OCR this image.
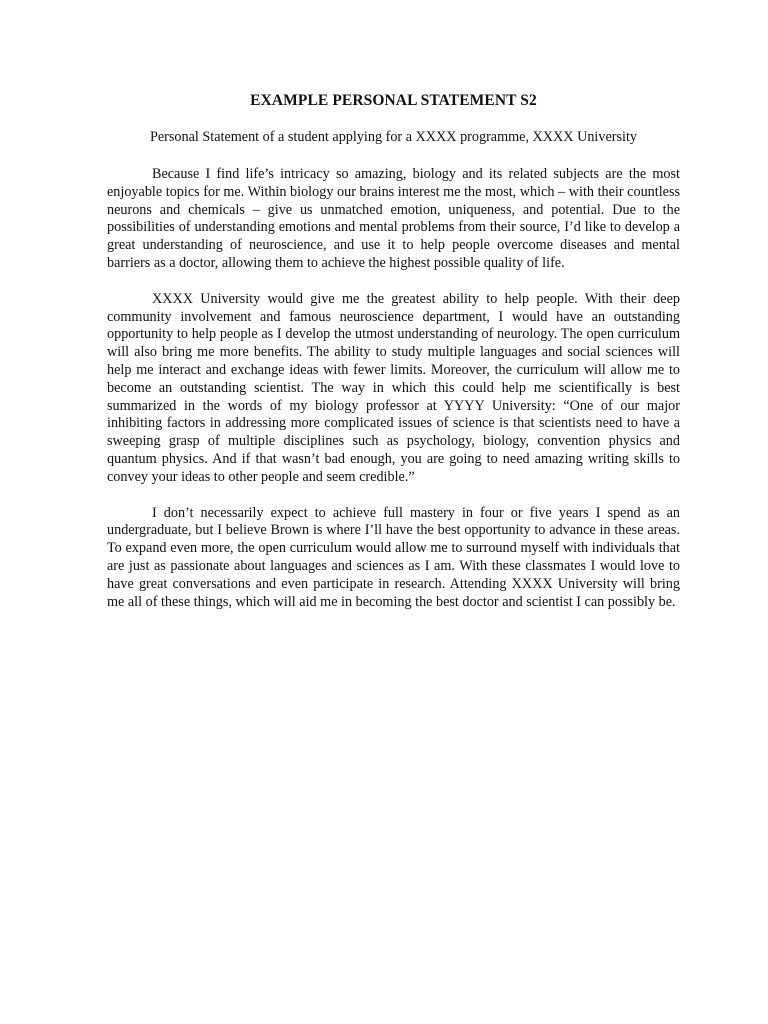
EXAMPLE PERSONAL STATEMENT S2

Personal Statement of a student applying for a XXXX programme, XXXX University

Because I find life’s intricacy so amazing, biology and its related subjects are the most enjoyable topics for me. Within biology our brains interest me the most, which – with their countless neurons and chemicals – give us unmatched emotion, uniqueness, and potential. Due to the possibilities of understanding emotions and mental problems from their source, I’d like to develop a great understanding of neuroscience, and use it to help people overcome diseases and mental barriers as a doctor, allowing them to achieve the highest possible quality of life.

XXXX University would give me the greatest ability to help people. With their deep community involvement and famous neuroscience department, I would have an outstanding opportunity to help people as I develop the utmost understanding of neurology. The open curriculum will also bring me more benefits. The ability to study multiple languages and social sciences will help me interact and exchange ideas with fewer limits. Moreover, the curriculum will allow me to become an outstanding scientist. The way in which this could help me scientifically is best summarized in the words of my biology professor at YYYY University: “One of our major inhibiting factors in addressing more complicated issues of science is that scientists need to have a sweeping grasp of multiple disciplines such as psychology, biology, convention physics and quantum physics. And if that wasn’t bad enough, you are going to need amazing writing skills to convey your ideas to other people and seem credible.”

I don’t necessarily expect to achieve full mastery in four or five years I spend as an undergraduate, but I believe Brown is where I’ll have the best opportunity to advance in these areas. To expand even more, the open curriculum would allow me to surround myself with individuals that are just as passionate about languages and sciences as I am. With these classmates I would love to have great conversations and even participate in research. Attending XXXX University will bring me all of these things, which will aid me in becoming the best doctor and scientist I can possibly be.
